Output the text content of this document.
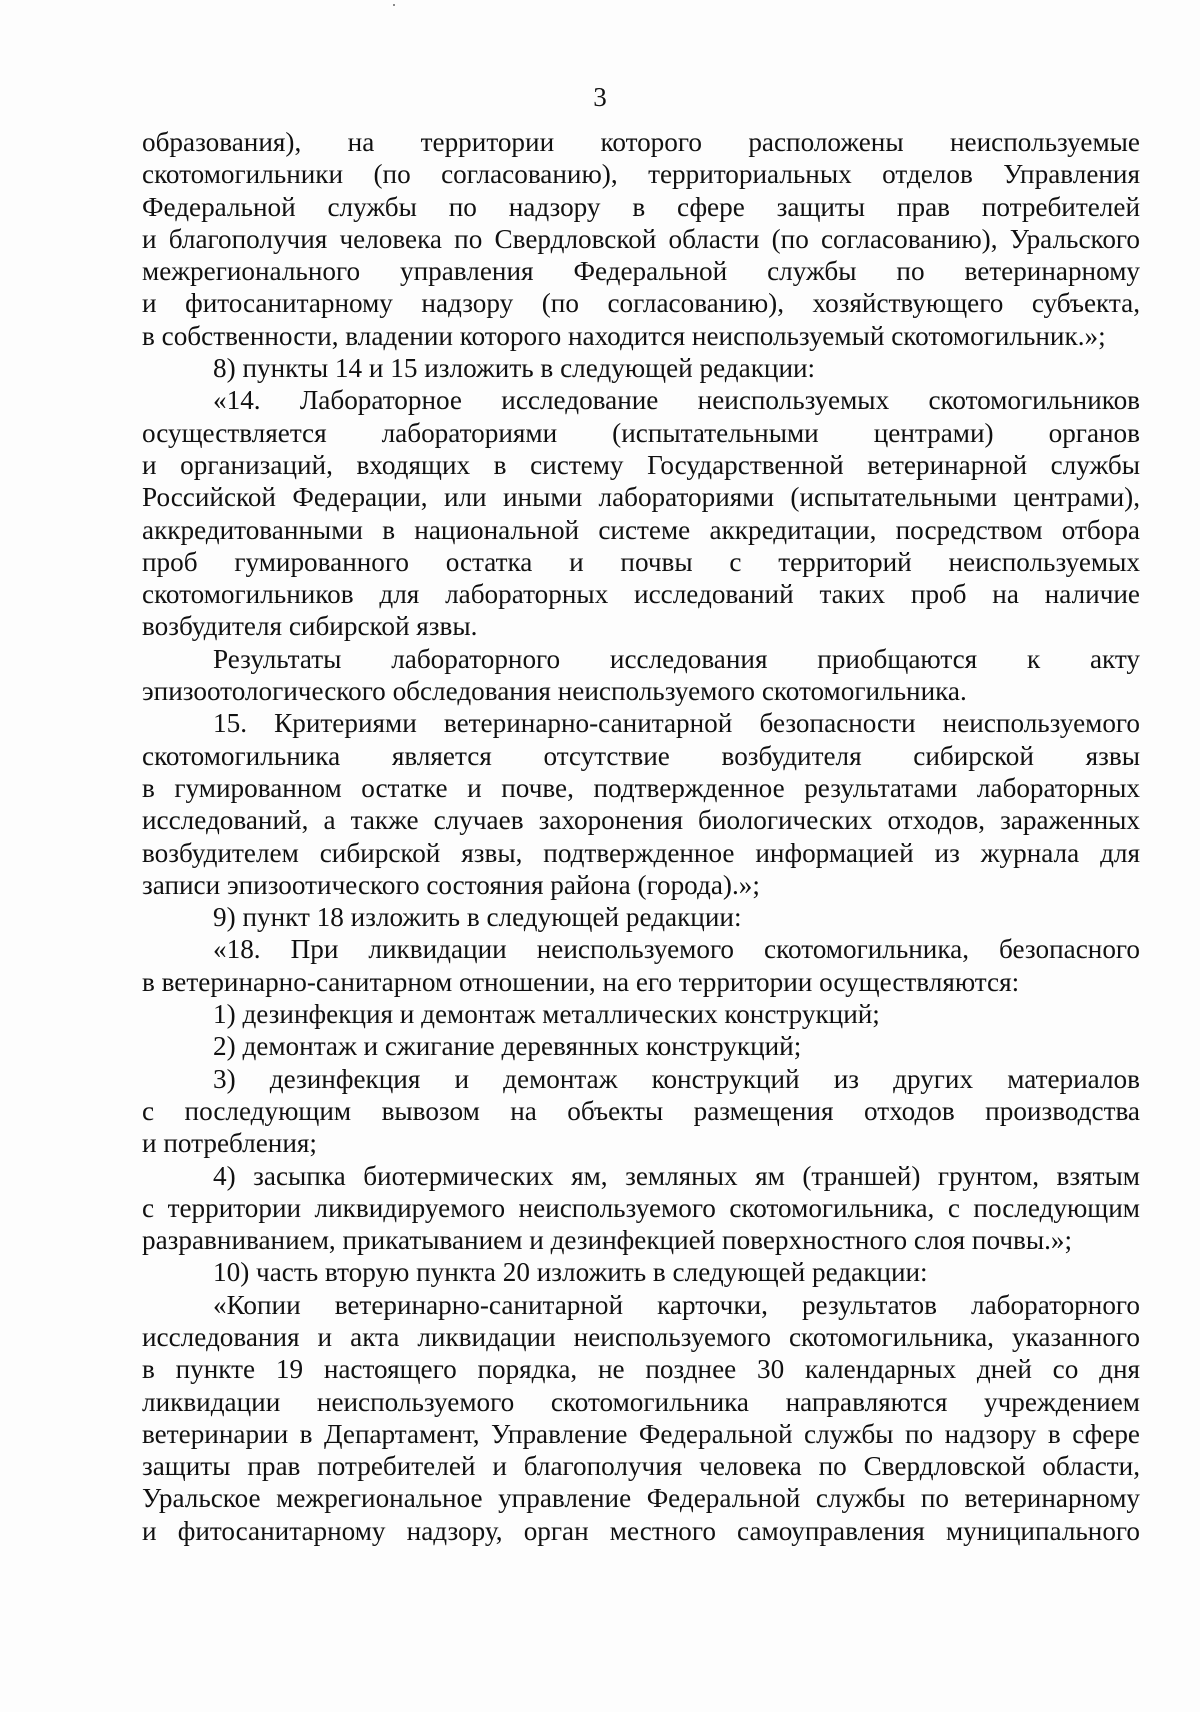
3
образования), на территории которого расположены неиспользуемые
скотомогильники (по согласованию), территориальных отделов Управления
Федеральной службы по надзору в сфере защиты прав потребителей
и благополучия человека по Свердловской области (по согласованию), Уральского
межрегионального управления Федеральной службы по ветеринарному
и фитосанитарному надзору (по согласованию), хозяйствующего субъекта,
в собственности, владении которого находится неиспользуемый скотомогильник.»;
8) пункты 14 и 15 изложить в следующей редакции:
«14. Лабораторное исследование неиспользуемых скотомогильников
осуществляется лабораториями (испытательными центрами) органов
и организаций, входящих в систему Государственной ветеринарной службы
Российской Федерации, или иными лабораториями (испытательными центрами),
аккредитованными в национальной системе аккредитации, посредством отбора
проб гумированного остатка и почвы с территорий неиспользуемых
скотомогильников для лабораторных исследований таких проб на наличие
возбудителя сибирской язвы.
Результаты лабораторного исследования приобщаются к акту
эпизоотологического обследования неиспользуемого скотомогильника.
15. Критериями ветеринарно-санитарной безопасности неиспользуемого
скотомогильника является отсутствие возбудителя сибирской язвы
в гумированном остатке и почве, подтвержденное результатами лабораторных
исследований, а также случаев захоронения биологических отходов, зараженных
возбудителем сибирской язвы, подтвержденное информацией из журнала для
записи эпизоотического состояния района (города).»;
9) пункт 18 изложить в следующей редакции:
«18. При ликвидации неиспользуемого скотомогильника, безопасного
в ветеринарно-санитарном отношении, на его территории осуществляются:
1) дезинфекция и демонтаж металлических конструкций;
2) демонтаж и сжигание деревянных конструкций;
3) дезинфекция и демонтаж конструкций из других материалов
с последующим вывозом на объекты размещения отходов производства
и потребления;
4) засыпка биотермических ям, земляных ям (траншей) грунтом, взятым
с территории ликвидируемого неиспользуемого скотомогильника, с последующим
разравниванием, прикатыванием и дезинфекцией поверхностного слоя почвы.»;
10) часть вторую пункта 20 изложить в следующей редакции:
«Копии ветеринарно-санитарной карточки, результатов лабораторного
исследования и акта ликвидации неиспользуемого скотомогильника, указанного
в пункте 19 настоящего порядка, не позднее 30 календарных дней со дня
ликвидации неиспользуемого скотомогильника направляются учреждением
ветеринарии в Департамент, Управление Федеральной службы по надзору в сфере
защиты прав потребителей и благополучия человека по Свердловской области,
Уральское межрегиональное управление Федеральной службы по ветеринарному
и фитосанитарному надзору, орган местного самоуправления муниципального
